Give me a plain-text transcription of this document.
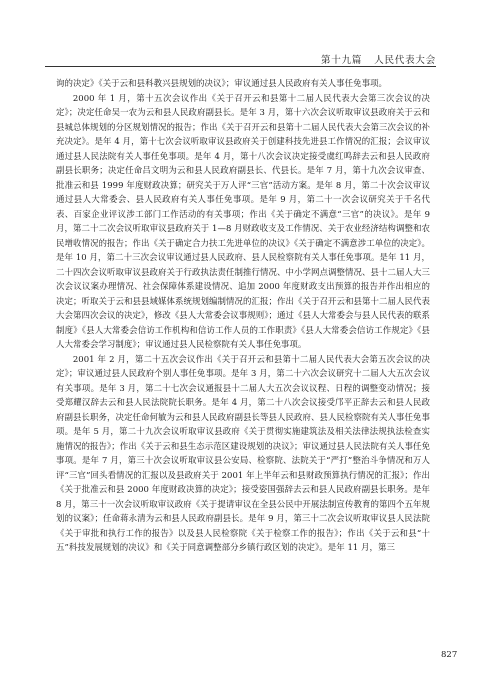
第十九篇 人民代表大会

询的决定》《关于云和县科教兴县规划的决议》；审议通过县人民政府有关人事任免事项。

2000 年 1 月，第十五次会议作出《关于召开云和县第十二届人民代表大会第三次会议的决定》；决定任命吴一农为云和县人民政府副县长。是年 3 月，第十六次会议听取审议县政府关于云和县城总体规划的分区规划情况的报告；作出《关于召开云和县第十二届人民代表大会第三次会议的补充决定》。是年 4 月，第十七次会议听取审议县政府关于创建科技先进县工作情况的汇报；会议审议通过县人民法院有关人事任免事项。是年 4 月，第十八次会议决定接受虞红鸣辞去云和县人民政府副县长职务；决定任命吕文明为云和县人民政府副县长、代县长。是年 7 月，第十九次会议审查、批准云和县 1999 年度财政决算；研究关于万人评“三官”活动方案。是年 8 月，第二十次会议审议通过县人大常委会、县人民政府有关人事任免事项。是年 9 月，第二十一次会议研究关于千名代表、百家企业评议涉工部门工作活动的有关事项；作出《关于确定不满意“三官”的决议》。是年 9 月，第二十二次会议听取审议县政府关于 1—8 月财政收支及工作情况、关于农业经济结构调整和农民增收情况的报告；作出《关于确定合力扶工先进单位的决议》《关于确定不满意涉工单位的决定》。是年 10 月，第二十三次会议审议通过县人民政府、县人民检察院有关人事任免事项。是年 11 月，二十四次会议听取审议县政府关于行政执法责任制推行情况、中小学网点调整情况、县十二届人大三次会议议案办理情况、社会保障体系建设情况、追加 2000 年度财政支出预算的报告并作出相应的决定；听取关于云和县县域媒体系统规划编制情况的汇报；作出《关于召开云和县第十二届人民代表大会第四次会议的决定》，修改《县人大常委会议事规则》；通过《县人大常委会与县人民代表的联系制度》《县人大常委会信访工作机构和信访工作人员的工作职责》《县人大常委会信访工作规定》《县人大常委会学习制度》；审议通过县人民检察院有关人事任免事项。

2001 年 2 月，第二十五次会议作出《关于召开云和县第十二届人民代表大会第五次会议的决定》；审议通过县人民政府个别人事任免事项。是年 3 月，第二十六次会议研究十二届人大五次会议有关事项。是年 3 月，第二十七次会议通报县十二届人大五次会议议程、日程的调整变动情况；接受郑耀汉辞去云和县人民法院院长职务。是年 4 月，第二十八次会议接受邝平正辞去云和县人民政府副县长职务，决定任命何敏为云和县人民政府副县长等县人民政府、县人民检察院有关人事任免事项。是年 5 月，第二十九次会议听取审议县政府《关于贯彻实施建筑法及相关法律法规执法检查实施情况的报告》；作出《关于云和县生态示范区建设规划的决议》；审议通过县人民法院有关人事任免事项。是年 7 月，第三十次会议听取审议县公安局、检察院、法院关于“严打”整治斗争情况和万人评“三官”回头看情况的汇报以及县政府关于 2001 年上半年云和县财政预算执行情况的汇报》；作出《关于批准云和县 2000 年度财政决算的决定》；接受姿国强辞去云和县人民政府副县长职务。是年 8 月，第三十一次会议听取审议政府《关于提请审议在全县公民中开展法制宣传教育的第四个五年规划的议案》；任命蒋永清为云和县人民政府副县长。是年 9 月，第三十二次会议听取审议县人民法院《关于审批和执行工作的报告》以及县人民检察院《关于检察工作的报告》；作出《关于云和县“十五”科技发展规划的决议》和《关于同意调整部分乡镇行政区划的决定》。是年 11 月，第三

827
